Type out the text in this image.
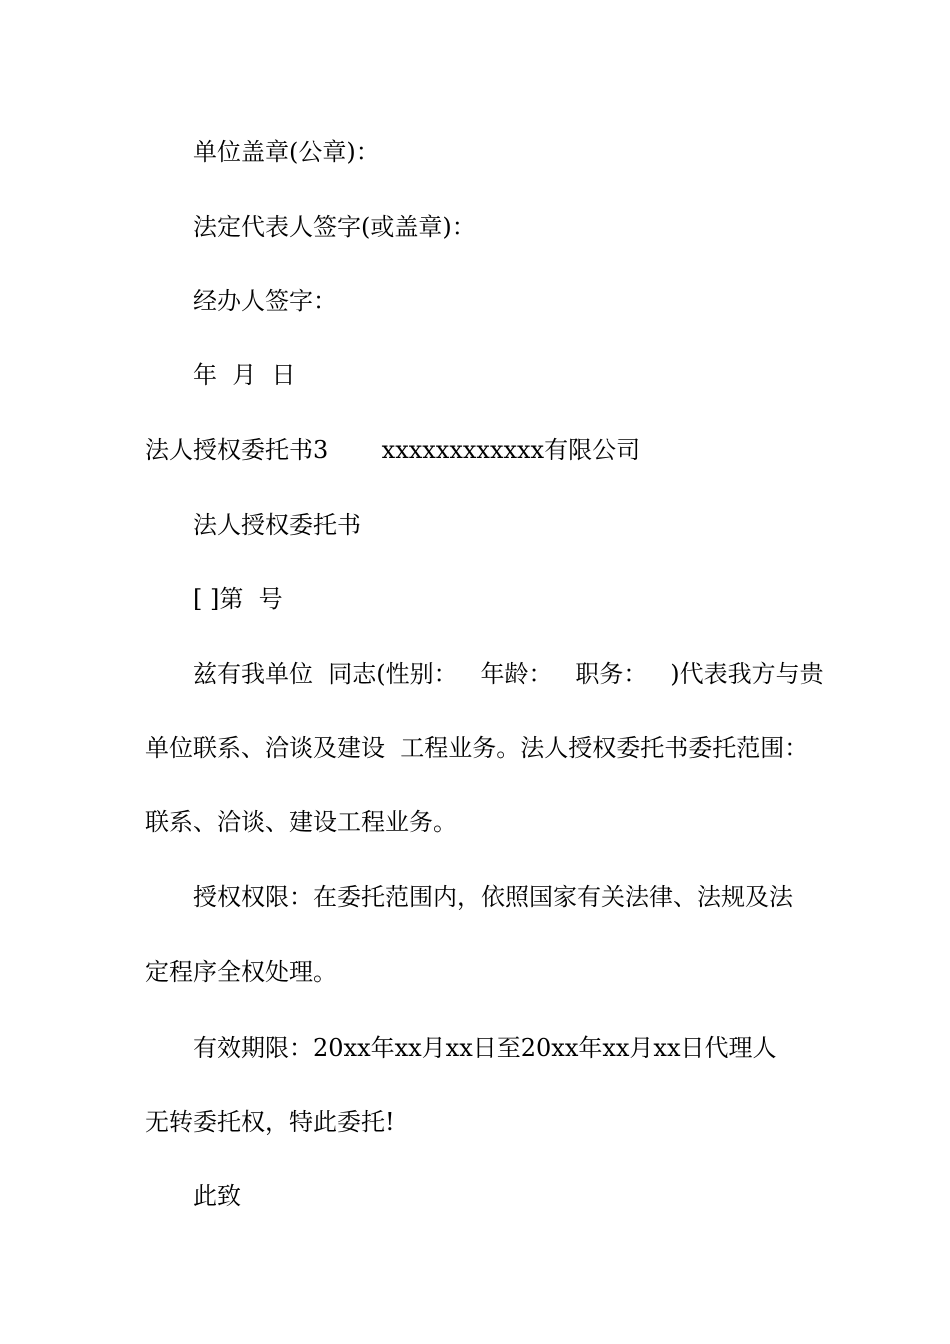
单位盖章(公章)：
法定代表人签字(或盖章)：
经办人签字：
年  月  日
法人授权委托书3       xxxxxxxxxxxx有限公司
法人授权委托书
[ ]第  号
兹有我单位  同志(性别：   年龄：   职务：   )代表我方与贵
单位联系、洽谈及建设  工程业务。法人授权委托书委托范围：
联系、洽谈、建设工程业务。
授权权限：在委托范围内，依照国家有关法律、法规及法
定程序全权处理。
有效期限：20xx年xx月xx日至20xx年xx月xx日代理人
无转委托权，特此委托!
此致
